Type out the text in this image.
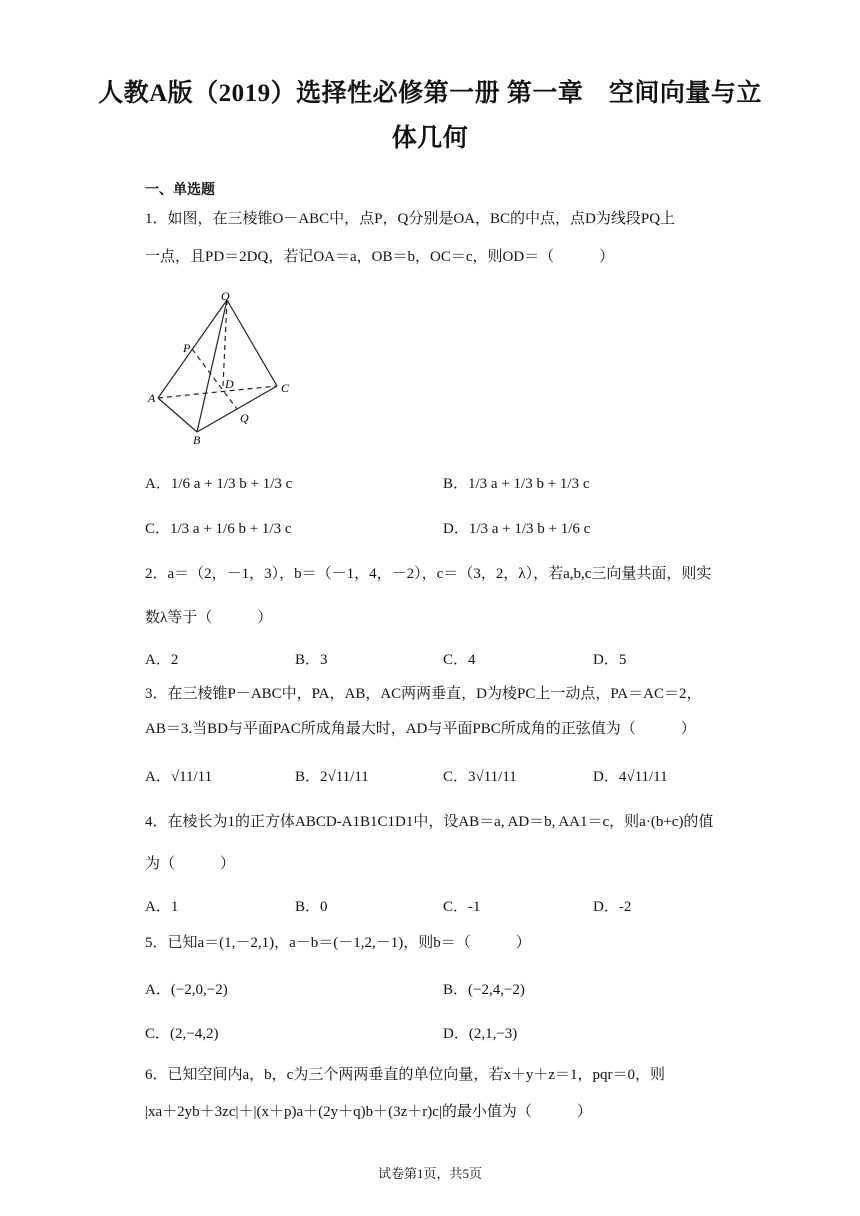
人教A版（2019）选择性必修第一册 第一章　空间向量与立
体几何
一、单选题
1．如图，在三棱锥O－ABC中，点P，Q分别是OA，BC的中点，点D为线段PQ上
一点，且PD＝2DQ，若记OA＝a，OB＝b，OC＝c，则OD＝（　　　）
O
P
D
A
C
Q
B
A．1/6 a + 1/3 b + 1/3 c	B．1/3 a + 1/3 b + 1/3 c
C．1/3 a + 1/6 b + 1/3 c	D．1/3 a + 1/3 b + 1/6 c
2．a＝（2，－1，3），b＝（－1，4，－2），c＝（3，2，λ），若a,b,c三向量共面，则实
数λ等于（　　　）
A．2	B．3	C．4	D．5
3．在三棱锥P－ABC中，PA，AB，AC两两垂直，D为棱PC上一动点，PA＝AC＝2，
AB＝3.当BD与平面PAC所成角最大时，AD与平面PBC所成角的正弦值为（　　　）
A．√11/11	B．2√11/11	C．3√11/11	D．4√11/11
4．在棱长为1的正方体ABCD-A1B1C1D1中，设AB＝a, AD＝b, AA1＝c，则a·(b+c)的值
为（　　　）
A．1	B．0	C．-1	D．-2
5．已知a＝(1,－2,1)，a－b＝(－1,2,－1)，则b＝（　　　）
A．(−2,0,−2)	B．(−2,4,−2)
C．(2,−4,2)	D．(2,1,−3)
6．已知空间内a，b，c为三个两两垂直的单位向量，若x＋y＋z＝1，pqr＝0，则
|xa＋2yb＋3zc|＋|(x＋p)a＋(2y＋q)b＋(3z＋r)c|的最小值为（　　　）
试卷第1页，共5页
